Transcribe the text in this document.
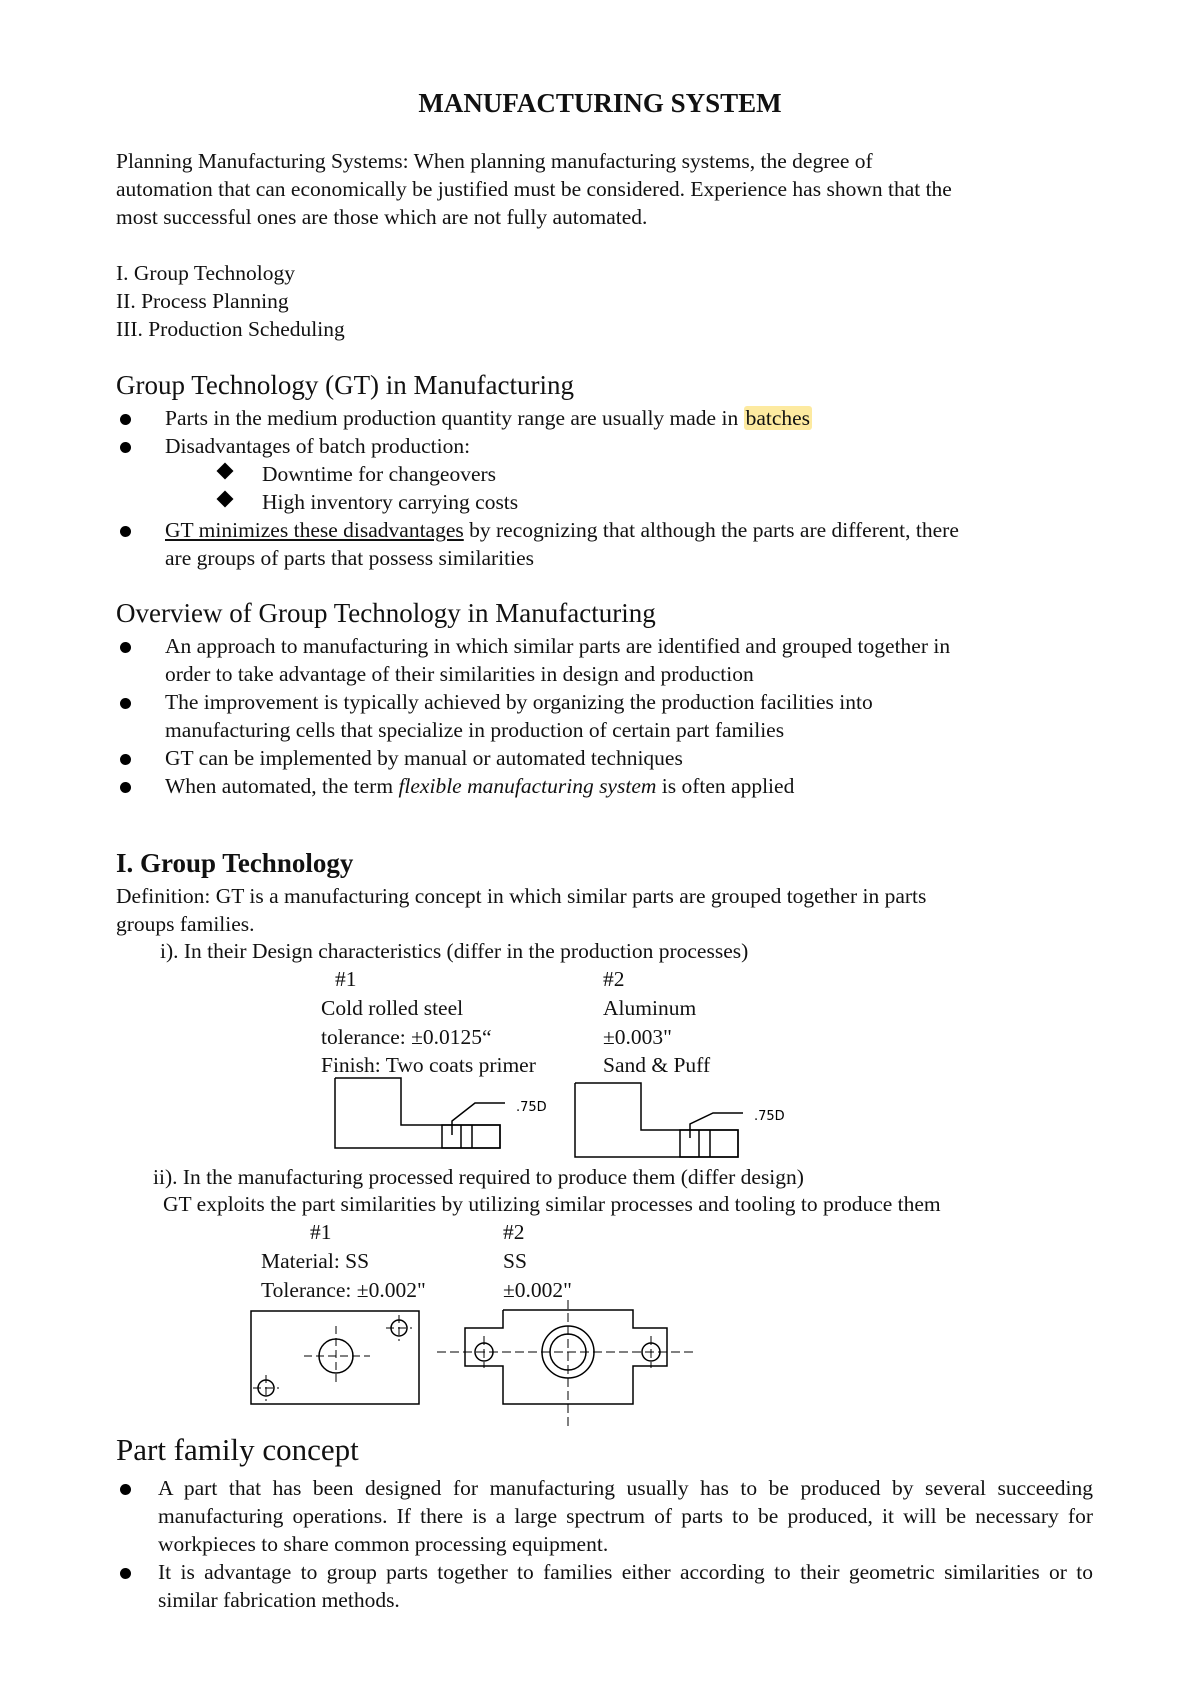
MANUFACTURING SYSTEM
Planning Manufacturing Systems: When planning manufacturing systems, the degree of
automation that can economically be justified must be considered. Experience has shown that the
most successful ones are those which are not fully automated.
I. Group Technology
II. Process Planning
III. Production Scheduling
Group Technology (GT) in Manufacturing
Parts in the medium production quantity range are usually made in batches
Disadvantages of batch production:
Downtime for changeovers
High inventory carrying costs
GT minimizes these disadvantages by recognizing that although the parts are different, there
are groups of parts that possess similarities
Overview of Group Technology in Manufacturing
An approach to manufacturing in which similar parts are identified and grouped together in
order to take advantage of their similarities in design and production
The improvement is typically achieved by organizing the production facilities into
manufacturing cells that specialize in production of certain part families
GT can be implemented by manual or automated techniques
When automated, the term flexible manufacturing system is often applied
I. Group Technology
Definition: GT is a manufacturing concept in which similar parts are grouped together in parts
groups families.
i). In their Design characteristics (differ in the production processes)
#1	#2
Cold rolled steel	Aluminum
tolerance: ±0.0125“	±0.003"
Finish: Two coats primer	Sand & Puff
.75D
.75D
ii). In the manufacturing processed required to produce them (differ design)
GT exploits the part similarities by utilizing similar processes and tooling to produce them
#1	#2
Material: SS	SS
Tolerance: ±0.002"	±0.002"
Part family concept
A part that has been designed for manufacturing usually has to be produced by several succeeding manufacturing operations. If there is a large spectrum of parts to be produced, it will be necessary for workpieces to share common processing equipment.
It is advantage to group parts together to families either according to their geometric similarities or to similar fabrication methods.
